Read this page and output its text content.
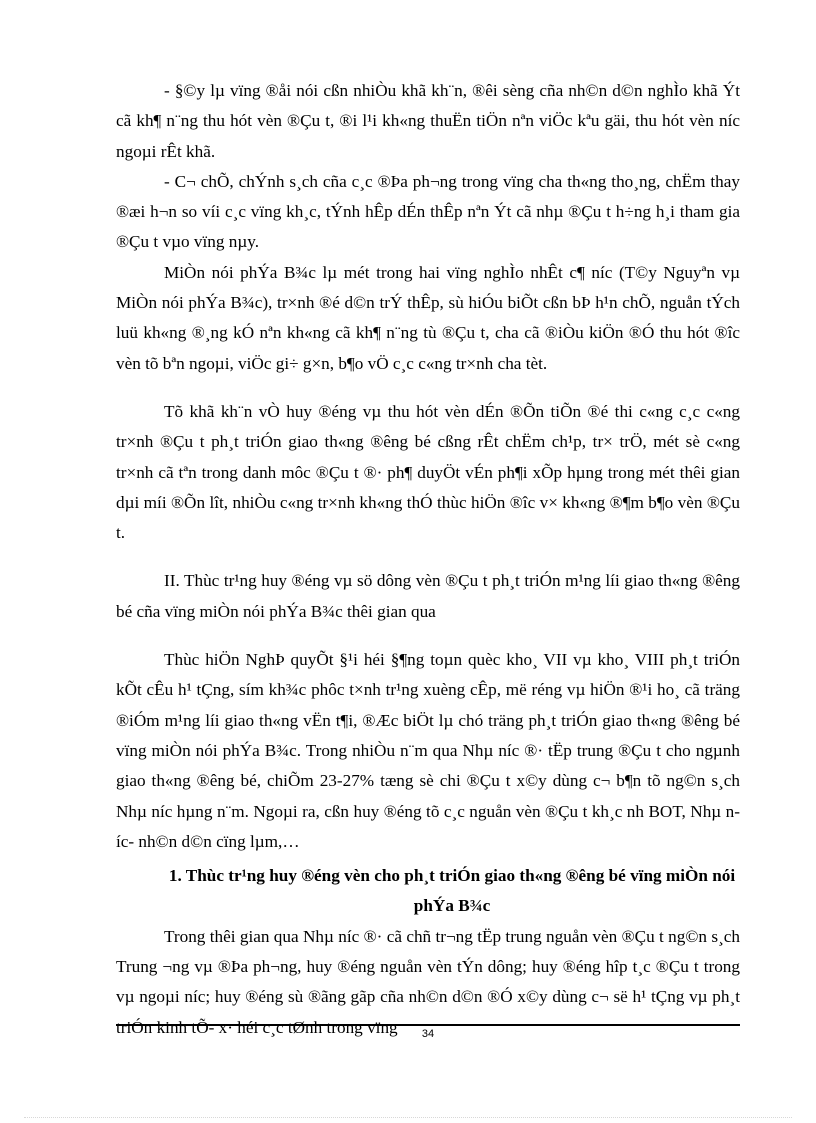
- §©y lµ vïng ®åi nói cßn nhiÒu khã kh¨n, ®êi sèng cña nh©n d©n nghÌo khã Ýt cã kh¶ n¨ng thu hót vèn ®Çu t, ®i l¹i kh«ng thuËn tiÖn nªn viÖc kªu gäi, thu hót vèn níc ngoµi rÊt khã.

- C¬ chÕ, chÝnh s¸ch cña c¸c ®Þa ph¬ng trong vïng cha th«ng tho¸ng, chËm thay ®æi h¬n so víi c¸c vïng kh¸c, tÝnh hÊp dÉn thÊp nªn Ýt cã nhµ ®Çu t h÷ng h¸i tham gia ®Çu t vµo vïng nµy.

MiÒn nói phÝa B¾c lµ mét trong hai vïng nghÌo nhÊt c¶ níc (T©y Nguyªn vµ MiÒn nói phÝa B¾c), tr×nh ®é d©n trÝ thÊp, sù hiÓu biÕt cßn bÞ h¹n chÕ, nguån tÝch luü kh«ng ®¸ng kÓ nªn kh«ng cã kh¶ n¨ng tù ®Çu t, cha cã ®iÒu kiÖn ®Ó thu hót ®îc vèn tõ bªn ngoµi, viÖc gi÷ g×n, b¶o vÖ c¸c c«ng tr×nh cha tèt.

Tõ khã kh¨n vÒ huy ®éng vµ thu hót vèn dÉn ®Õn tiÕn ®é thi c«ng c¸c c«ng tr×nh ®Çu t ph¸t triÓn giao th«ng ®êng bé cßng rÊt chËm ch¹p, tr× trÖ, mét sè c«ng tr×nh cã tªn trong danh môc ®Çu t ®· ph¶ duyÖt vÉn ph¶i xÕp hµng trong mét thêi gian dµi míi ®Õn lît, nhiÒu c«ng tr×nh kh«ng thÓ thùc hiÖn ®îc v× kh«ng ®¶m b¶o vèn ®Çu t.

II. Thùc tr¹ng huy ®éng vµ sö dông vèn ®Çu t ph¸t triÓn m¹ng líi giao th«ng ®êng bé cña vïng miÒn nói phÝa B¾c thêi gian qua

Thùc hiÖn NghÞ quyÕt §¹i héi §¶ng toµn quèc kho¸ VII vµ kho¸ VIII ph¸t triÓn kÕt cÊu h¹ tÇng, sím kh¾c phôc t×nh tr¹ng xuèng cÊp, më réng vµ hiÖn ®¹i ho¸ cã träng ®iÓm m¹ng líi giao th«ng vËn t¶i, ®Æc biÖt lµ chó träng ph¸t triÓn giao th«ng ®êng bé vïng miÒn nói phÝa B¾c. Trong nhiÒu n¨m qua Nhµ níc ®· tËp trung ®Çu t cho ngµnh giao th«ng ®êng bé, chiÕm 23-27% tæng sè chi ®Çu t x©y dùng c¬ b¶n tõ ng©n s¸ch Nhµ níc hµng n¨m. Ngoµi ra, cßn huy ®éng tõ c¸c nguån vèn ®Çu t kh¸c nh BOT, Nhµ níc- nh©n d©n cïng lµm,…

1. Thùc tr¹ng huy ®éng vèn cho ph¸t triÓn giao th«ng ®êng bé vïng miÒn nói phÝa B¾c

Trong thêi gian qua Nhµ níc ®· cã chñ tr¬ng tËp trung nguån vèn ®Çu t ng©n s¸ch Trung ¬ng vµ ®Þa ph¬ng, huy ®éng nguån vèn tÝn dông; huy ®éng hîp t¸c ®Çu t trong vµ ngoµi níc; huy ®éng sù ®ãng gãp cña nh©n d©n ®Ó x©y dùng c¬ së h¹ tÇng vµ ph¸t triÓn kinh tÕ- x· héi c¸c tØnh trong vïng	34
